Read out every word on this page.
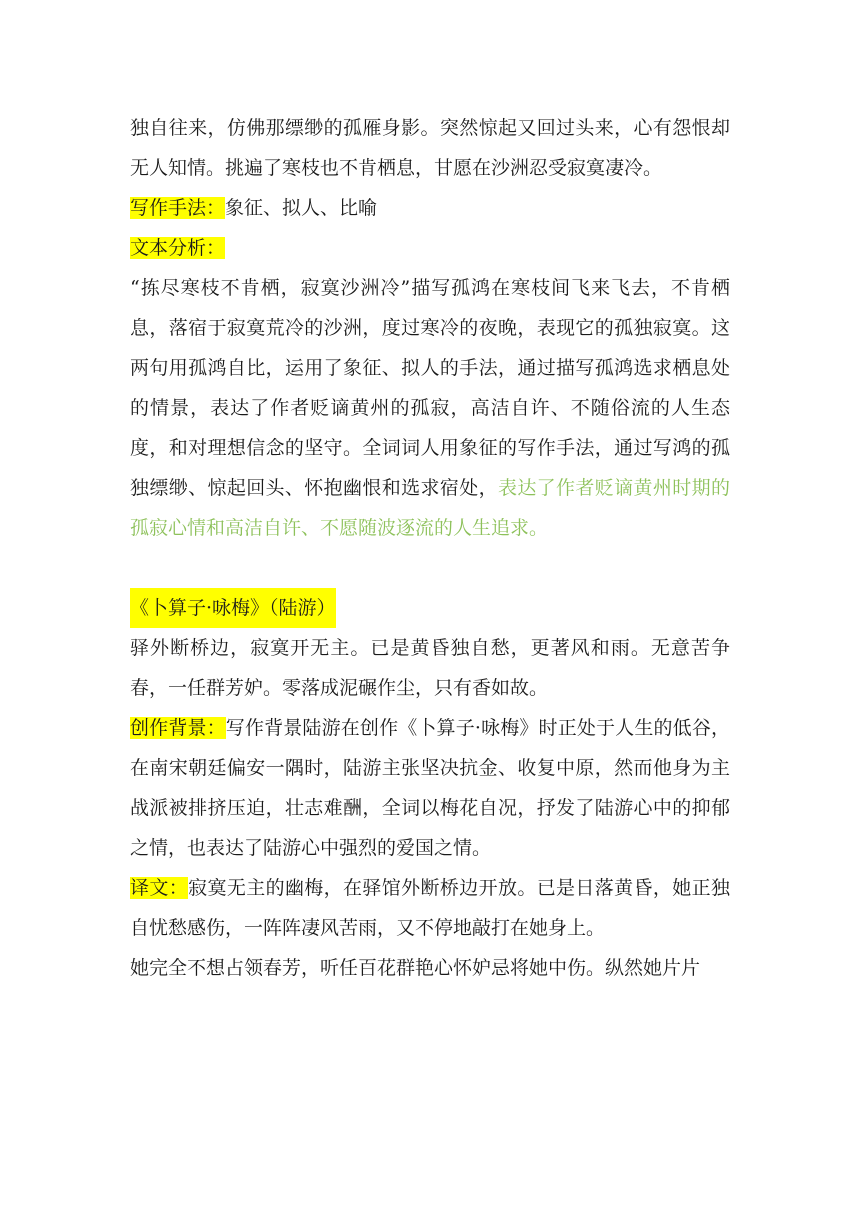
独自往来，仿佛那缥缈的孤雁身影。突然惊起又回过头来，心有怨恨却无人知情。挑遍了寒枝也不肯栖息，甘愿在沙洲忍受寂寞凄冷。

写作手法：象征、拟人、比喻

文本分析：

“拣尽寒枝不肯栖，寂寞沙洲冷”描写孤鸿在寒枝间飞来飞去，不肯栖息，落宿于寂寞荒冷的沙洲，度过寒冷的夜晚，表现它的孤独寂寞。这两句用孤鸿自比，运用了象征、拟人的手法，通过描写孤鸿选求栖息处的情景，表达了作者贬谪黄州的孤寂，高洁自许、不随俗流的人生态度，和对理想信念的坚守。全词词人用象征的写作手法，通过写鸿的孤独缥缈、惊起回头、怀抱幽恨和选求宿处，表达了作者贬谪黄州时期的孤寂心情和高洁自许、不愿随波逐流的人生追求。

《卜算子·咏梅》（陆游）

驿外断桥边，寂寞开无主。已是黄昏独自愁，更著风和雨。无意苦争春，一任群芳妒。零落成泥碾作尘，只有香如故。

创作背景：写作背景陆游在创作《卜算子·咏梅》时正处于人生的低谷，在南宋朝廷偏安一隅时，陆游主张坚决抗金、收复中原，然而他身为主战派被排挤压迫，壮志难酬，全词以梅花自况，抒发了陆游心中的抑郁之情，也表达了陆游心中强烈的爱国之情。

译文：寂寞无主的幽梅，在驿馆外断桥边开放。已是日落黄昏，她正独自忧愁感伤，一阵阵凄风苦雨，又不停地敲打在她身上。

她完全不想占领春芳，听任百花群艳心怀妒忌将她中伤。纵然她片片
